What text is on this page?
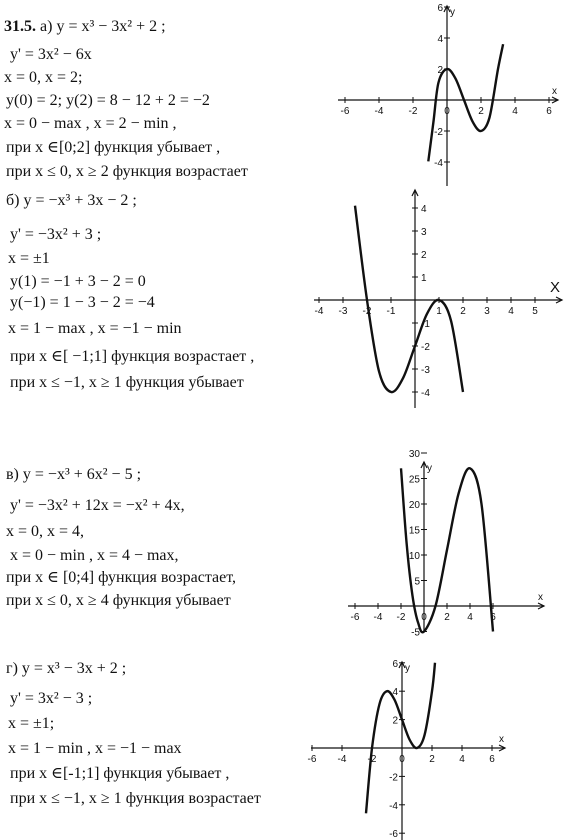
31.5. а) y = x³ − 3x² + 2 ;
y' = 3x² − 6x
x = 0, x = 2;
y(0) = 2; y(2) = 8 − 12 + 2 = −2
x = 0 − max , x = 2 − min ,
при x ∈[0;2] функция убывает ,
при x ≤ 0, x ≥ 2 функция возрастает
б) y = −x³ + 3x − 2 ;
y' = −3x² + 3 ;
x = ±1
y(1) = −1 + 3 − 2 = 0
y(−1) = 1 − 3 − 2 = −4
x = 1 − max , x = −1 − min
при x ∈[ −1;1] функция возрастает ,
при x ≤ −1, x ≥ 1 функция убывает
в) y = −x³ + 6x² − 5 ;
y' = −3x² + 12x = −x² + 4x,
x = 0, x = 4,
x = 0 − min , x = 4 − max,
при x ∈ [0;4] функция возрастает,
при x ≤ 0, x ≥ 4 функция убывает
г) y = x³ − 3x + 2 ;
y' = 3x² − 3 ;
x = ±1;
x = 1 − min , x = −1 − max
при x ∈[-1;1] функция убывает ,
при x ≤ −1, x ≥ 1 функция возрастает
x
y
-6	-4	-2	0	2	4	6
-4
-2
2
4
6
X
-4 -3 -2 -1	1 2 3 4 5
4
3
2
1
-1
-2
-3
-4
x
y
-6 -4 -2 0 2 4 6
-5
5
10
15
20
25
30
x
y
-6 -4 -2 0 2 4 6
6
4
2
-2
-4
-6
